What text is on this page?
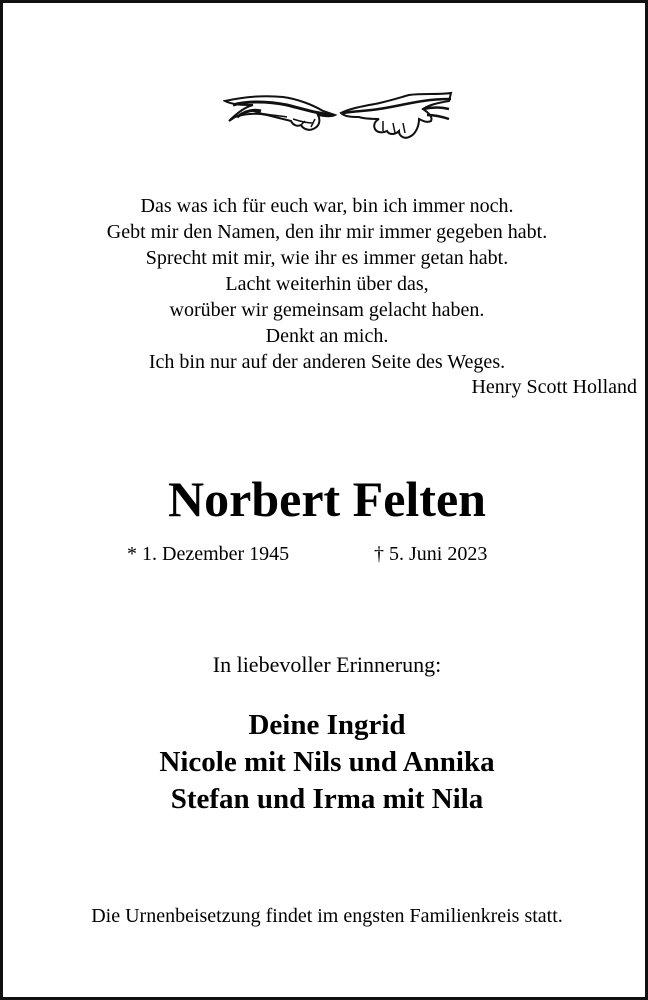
Das was ich für euch war, bin ich immer noch.
Gebt mir den Namen, den ihr mir immer gegeben habt.
Sprecht mit mir, wie ihr es immer getan habt.
Lacht weiterhin über das,
worüber wir gemeinsam gelacht haben.
Denkt an mich.
Ich bin nur auf der anderen Seite des Weges.
Henry Scott Holland
Norbert Felten
* 1. Dezember 1945	† 5. Juni 2023
In liebevoller Erinnerung:
Deine Ingrid
Nicole mit Nils und Annika
Stefan und Irma mit Nila
Die Urnenbeisetzung findet im engsten Familienkreis statt.
